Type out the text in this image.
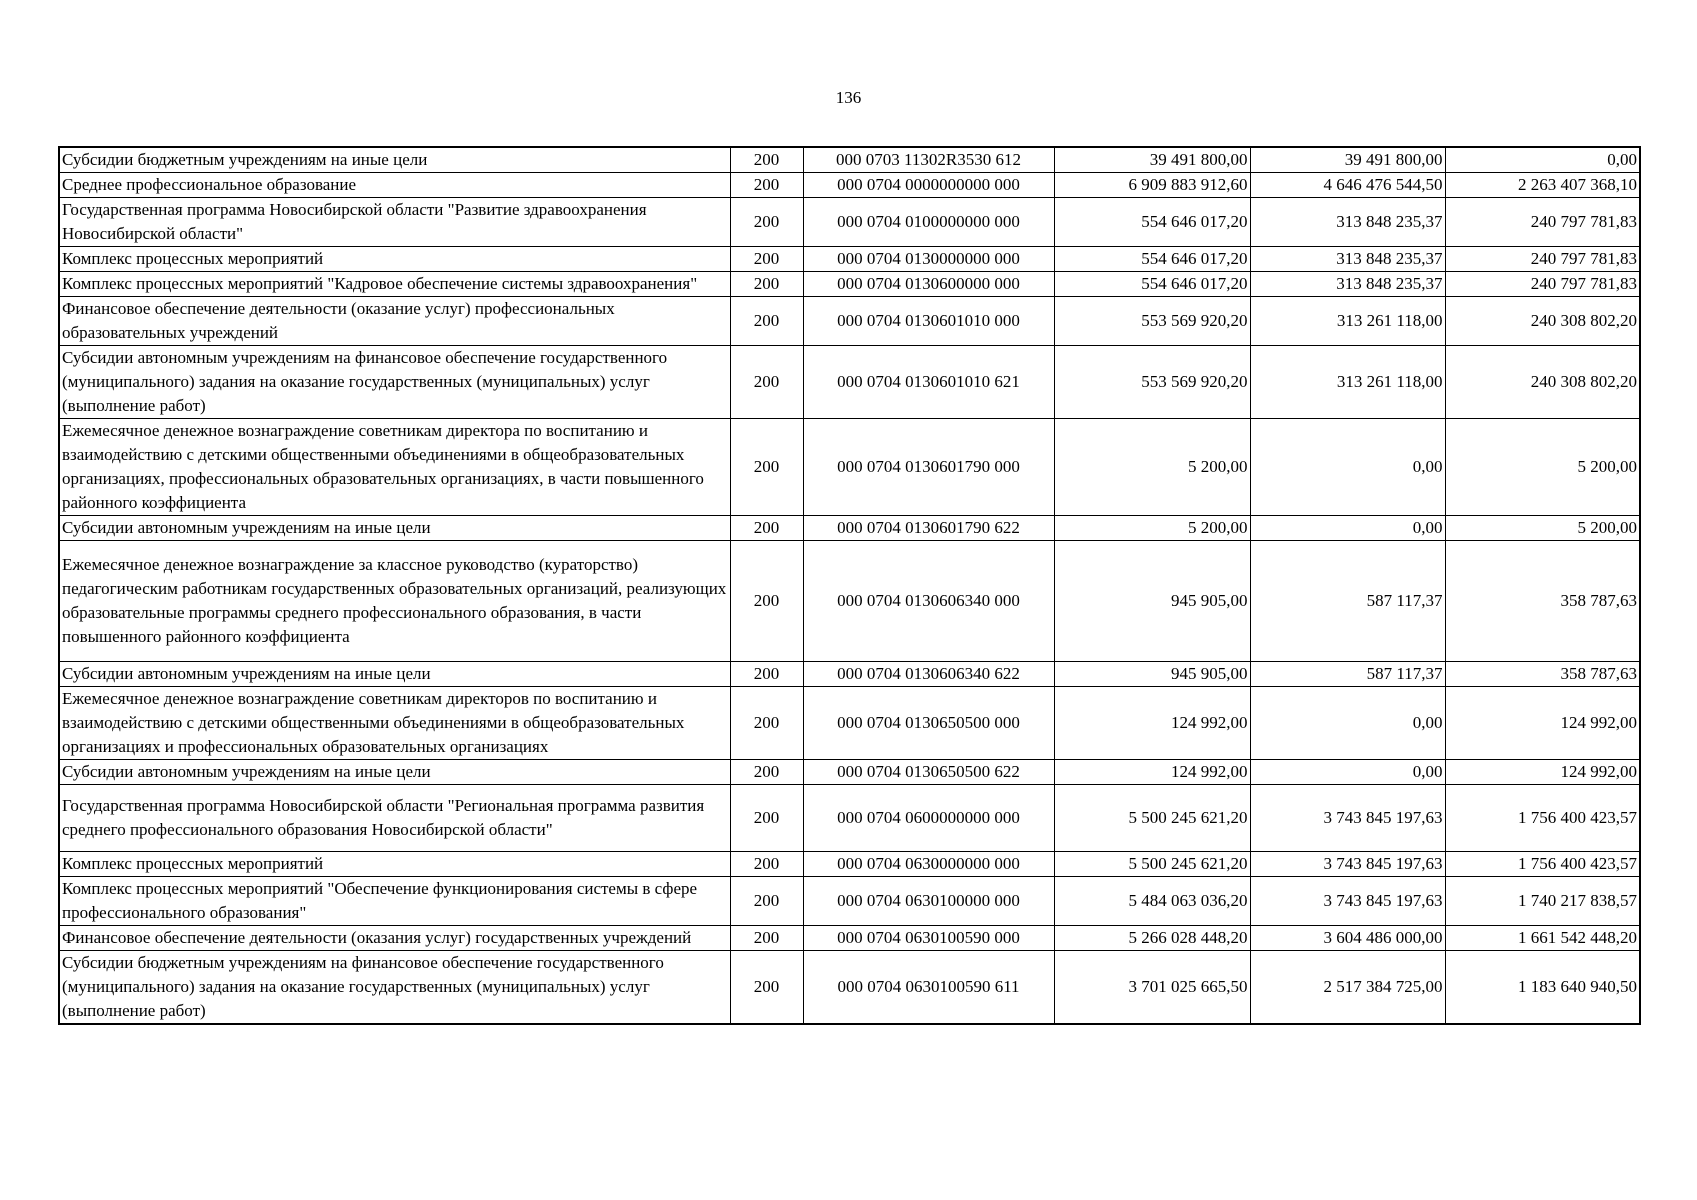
136
Субсидии бюджетным учреждениям на иные цели	200	000 0703 11302R3530 612	39 491 800,00	39 491 800,00	0,00
Среднее профессиональное образование	200	000 0704 0000000000 000	6 909 883 912,60	4 646 476 544,50	2 263 407 368,10
Государственная программа Новосибирской области "Развитие здравоохранения Новосибирской области"	200	000 0704 0100000000 000	554 646 017,20	313 848 235,37	240 797 781,83
Комплекс процессных мероприятий	200	000 0704 0130000000 000	554 646 017,20	313 848 235,37	240 797 781,83
Комплекс процессных мероприятий "Кадровое обеспечение системы здравоохранения"	200	000 0704 0130600000 000	554 646 017,20	313 848 235,37	240 797 781,83
Финансовое обеспечение деятельности (оказание услуг) профессиональных образовательных учреждений	200	000 0704 0130601010 000	553 569 920,20	313 261 118,00	240 308 802,20
Субсидии автономным учреждениям на финансовое обеспечение государственного (муниципального) задания на оказание государственных (муниципальных) услуг (выполнение работ)	200	000 0704 0130601010 621	553 569 920,20	313 261 118,00	240 308 802,20
Ежемесячное денежное вознаграждение советникам директора по воспитанию и взаимодействию с детскими общественными объединениями в общеобразовательных организациях, профессиональных образовательных организациях, в части повышенного районного коэффициента	200	000 0704 0130601790 000	5 200,00	0,00	5 200,00
Субсидии автономным учреждениям на иные цели	200	000 0704 0130601790 622	5 200,00	0,00	5 200,00
Ежемесячное денежное вознаграждение за классное руководство (кураторство) педагогическим работникам государственных образовательных организаций, реализующих образовательные программы среднего профессионального образования, в части повышенного районного коэффициента	200	000 0704 0130606340 000	945 905,00	587 117,37	358 787,63
Субсидии автономным учреждениям на иные цели	200	000 0704 0130606340 622	945 905,00	587 117,37	358 787,63
Ежемесячное денежное вознаграждение советникам директоров по воспитанию и взаимодействию с детскими общественными объединениями в общеобразовательных организациях и профессиональных образовательных организациях	200	000 0704 0130650500 000	124 992,00	0,00	124 992,00
Субсидии автономным учреждениям на иные цели	200	000 0704 0130650500 622	124 992,00	0,00	124 992,00
Государственная программа Новосибирской области "Региональная программа развития среднего профессионального образования Новосибирской области"	200	000 0704 0600000000 000	5 500 245 621,20	3 743 845 197,63	1 756 400 423,57
Комплекс процессных мероприятий	200	000 0704 0630000000 000	5 500 245 621,20	3 743 845 197,63	1 756 400 423,57
Комплекс процессных мероприятий "Обеспечение функционирования системы в сфере профессионального образования"	200	000 0704 0630100000 000	5 484 063 036,20	3 743 845 197,63	1 740 217 838,57
Финансовое обеспечение деятельности (оказания услуг) государственных учреждений	200	000 0704 0630100590 000	5 266 028 448,20	3 604 486 000,00	1 661 542 448,20
Субсидии бюджетным учреждениям на финансовое обеспечение государственного (муниципального) задания на оказание государственных (муниципальных) услуг (выполнение работ)	200	000 0704 0630100590 611	3 701 025 665,50	2 517 384 725,00	1 183 640 940,50
